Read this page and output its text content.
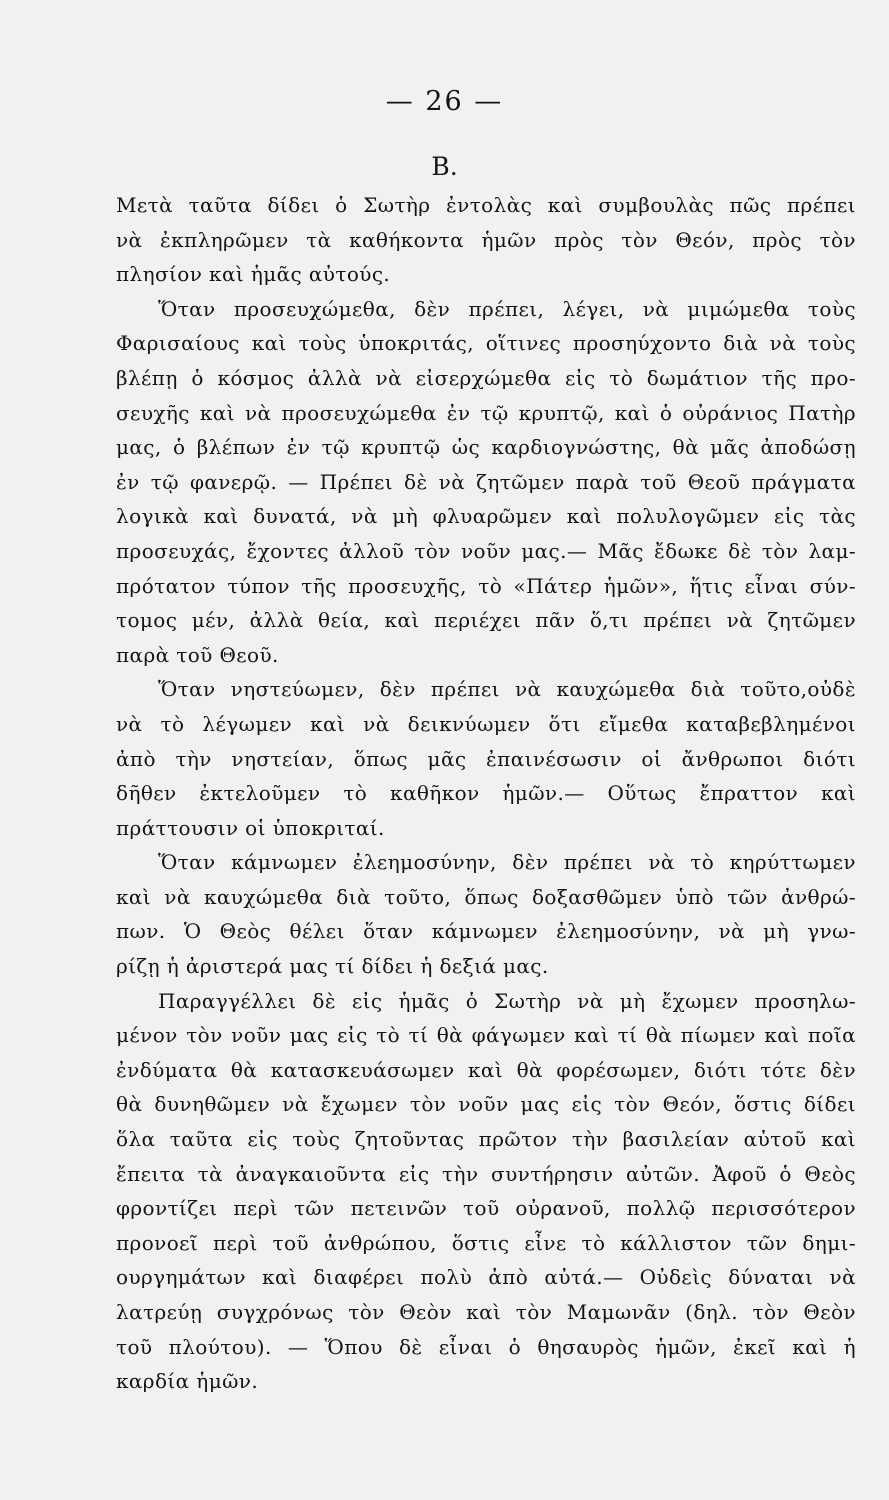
— 26 —
Β.
Μετὰ ταῦτα δίδει ὁ Σωτὴρ ἐντολὰς καὶ συμβουλὰς πῶς πρέπει
νὰ ἐκπληρῶμεν τὰ καθήκοντα ἡμῶν πρὸς τὸν Θεόν, πρὸς τὸν
πλησίον καὶ ἡμᾶς αὐτούς.
Ὅταν προσευχώμεθα, δὲν πρέπει, λέγει, νὰ μιμώμεθα τοὺς
Φαρισαίους καὶ τοὺς ὑποκριτάς, οἵτινες προσηύχοντο διὰ νὰ τοὺς
βλέπῃ ὁ κόσμος ἀλλὰ νὰ εἰσερχώμεθα εἰς τὸ δωμάτιον τῆς προ-
σευχῆς καὶ νὰ προσευχώμεθα ἐν τῷ κρυπτῷ, καὶ ὁ οὐράνιος Πατὴρ
μας, ὁ βλέπων ἐν τῷ κρυπτῷ ὡς καρδιογνώστης, θὰ μᾶς ἀποδώσῃ
ἐν τῷ φανερῷ. — Πρέπει δὲ νὰ ζητῶμεν παρὰ τοῦ Θεοῦ πράγματα
λογικὰ καὶ δυνατά, νὰ μὴ φλυαρῶμεν καὶ πολυλογῶμεν εἰς τὰς
προσευχάς, ἔχοντες ἀλλοῦ τὸν νοῦν μας.— Μᾶς ἔδωκε δὲ τὸν λαμ-
πρότατον τύπον τῆς προσευχῆς, τὸ «Πάτερ ἡμῶν», ἥτις εἶναι σύν-
τομος μέν, ἀλλὰ θεία, καὶ περιέχει πᾶν ὅ,τι πρέπει νὰ ζητῶμεν
παρὰ τοῦ Θεοῦ.
Ὅταν νηστεύωμεν, δὲν πρέπει νὰ καυχώμεθα διὰ τοῦτο,οὐδὲ
νὰ τὸ λέγωμεν καὶ νὰ δεικνύωμεν ὅτι εἴμεθα καταβεβλημένοι
ἀπὸ τὴν νηστείαν, ὅπως μᾶς ἐπαινέσωσιν οἱ ἄνθρωποι διότι
δῆθεν ἐκτελοῦμεν τὸ καθῆκον ἡμῶν.— Οὕτως ἔπραττον καὶ
πράττουσιν οἱ ὑποκριταί.
Ὅταν κάμνωμεν ἐλεημοσύνην, δὲν πρέπει νὰ τὸ κηρύττωμεν
καὶ νὰ καυχώμεθα διὰ τοῦτο, ὅπως δοξασθῶμεν ὑπὸ τῶν ἀνθρώ-
πων. Ὁ Θεὸς θέλει ὅταν κάμνωμεν ἐλεημοσύνην, νὰ μὴ γνω-
ρίζῃ ἡ ἀριστερά μας τί δίδει ἡ δεξιά μας.
Παραγγέλλει δὲ εἰς ἡμᾶς ὁ Σωτὴρ νὰ μὴ ἔχωμεν προσηλω-
μένον τὸν νοῦν μας εἰς τὸ τί θὰ φάγωμεν καὶ τί θὰ πίωμεν καὶ ποῖα
ἐνδύματα θὰ κατασκευάσωμεν καὶ θὰ φορέσωμεν, διότι τότε δὲν
θὰ δυνηθῶμεν νὰ ἔχωμεν τὸν νοῦν μας εἰς τὸν Θεόν, ὅστις δίδει
ὅλα ταῦτα εἰς τοὺς ζητοῦντας πρῶτον τὴν βασιλείαν αὐτοῦ καὶ
ἔπειτα τὰ ἀναγκαιοῦντα εἰς τὴν συντήρησιν αὐτῶν. Ἀφοῦ ὁ Θεὸς
φροντίζει περὶ τῶν πετεινῶν τοῦ οὐρανοῦ, πολλῷ περισσότερον
προνοεῖ περὶ τοῦ ἀνθρώπου, ὅστις εἶνε τὸ κάλλιστον τῶν δημι-
ουργημάτων καὶ διαφέρει πολὺ ἀπὸ αὐτά.— Οὐδεὶς δύναται νὰ
λατρεύῃ συγχρόνως τὸν Θεὸν καὶ τὸν Μαμωνᾶν (δηλ. τὸν Θεὸν
τοῦ πλούτου). — Ὅπου δὲ εἶναι ὁ θησαυρὸς ἡμῶν, ἐκεῖ καὶ ἡ
καρδία ἡμῶν.
